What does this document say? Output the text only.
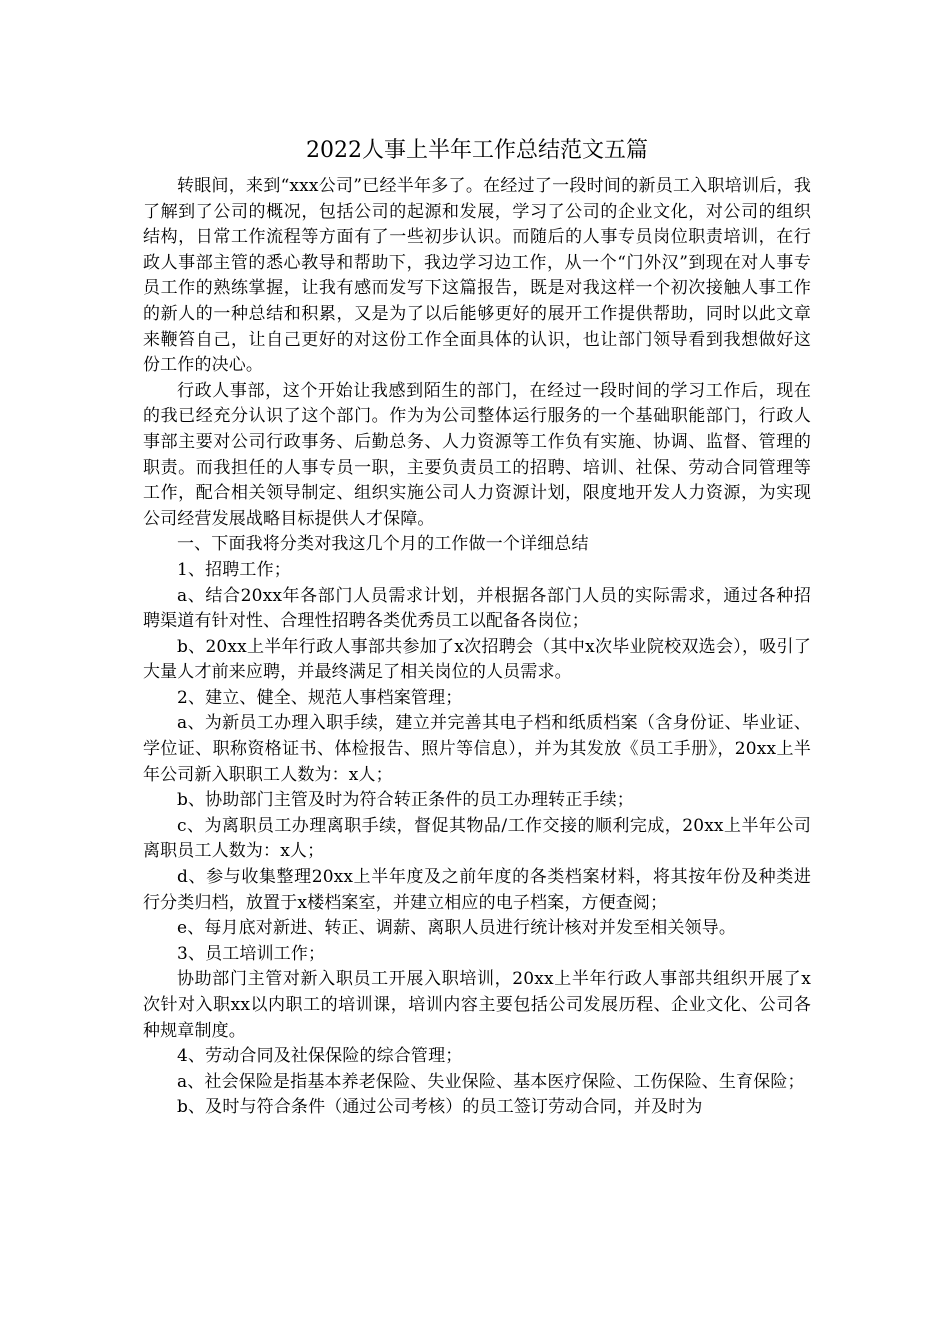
2022人事上半年工作总结范文五篇

转眼间，来到“xxx公司”已经半年多了。在经过了一段时间的新员工入职培训后，我了解到了公司的概况，包括公司的起源和发展，学习了公司的企业文化，对公司的组织结构，日常工作流程等方面有了一些初步认识。而随后的人事专员岗位职责培训，在行政人事部主管的悉心教导和帮助下，我边学习边工作，从一个“门外汉”到现在对人事专员工作的熟练掌握，让我有感而发写下这篇报告，既是对我这样一个初次接触人事工作的新人的一种总结和积累，又是为了以后能够更好的展开工作提供帮助，同时以此文章来鞭笞自己，让自己更好的对这份工作全面具体的认识，也让部门领导看到我想做好这份工作的决心。

行政人事部，这个开始让我感到陌生的部门，在经过一段时间的学习工作后，现在的我已经充分认识了这个部门。作为为公司整体运行服务的一个基础职能部门，行政人事部主要对公司行政事务、后勤总务、人力资源等工作负有实施、协调、监督、管理的职责。而我担任的人事专员一职，主要负责员工的招聘、培训、社保、劳动合同管理等工作，配合相关领导制定、组织实施公司人力资源计划，限度地开发人力资源，为实现公司经营发展战略目标提供人才保障。

一、下面我将分类对我这几个月的工作做一个详细总结

1、招聘工作；

a、结合20xx年各部门人员需求计划，并根据各部门人员的实际需求，通过各种招聘渠道有针对性、合理性招聘各类优秀员工以配备各岗位；

b、20xx上半年行政人事部共参加了x次招聘会（其中x次毕业院校双选会），吸引了大量人才前来应聘，并最终满足了相关岗位的人员需求。

2、建立、健全、规范人事档案管理；

a、为新员工办理入职手续，建立并完善其电子档和纸质档案（含身份证、毕业证、学位证、职称资格证书、体检报告、照片等信息），并为其发放《员工手册》，20xx上半年公司新入职职工人数为：x人；

b、协助部门主管及时为符合转正条件的员工办理转正手续；

c、为离职员工办理离职手续，督促其物品/工作交接的顺利完成，20xx上半年公司离职员工人数为：x人；

d、参与收集整理20xx上半年度及之前年度的各类档案材料，将其按年份及种类进行分类归档，放置于x楼档案室，并建立相应的电子档案，方便查阅；

e、每月底对新进、转正、调薪、离职人员进行统计核对并发至相关领导。

3、员工培训工作；

协助部门主管对新入职员工开展入职培训，20xx上半年行政人事部共组织开展了x次针对入职xx以内职工的培训课，培训内容主要包括公司发展历程、企业文化、公司各种规章制度。

4、劳动合同及社保保险的综合管理；

a、社会保险是指基本养老保险、失业保险、基本医疗保险、工伤保险、生育保险；

b、及时与符合条件（通过公司考核）的员工签订劳动合同，并及时为
